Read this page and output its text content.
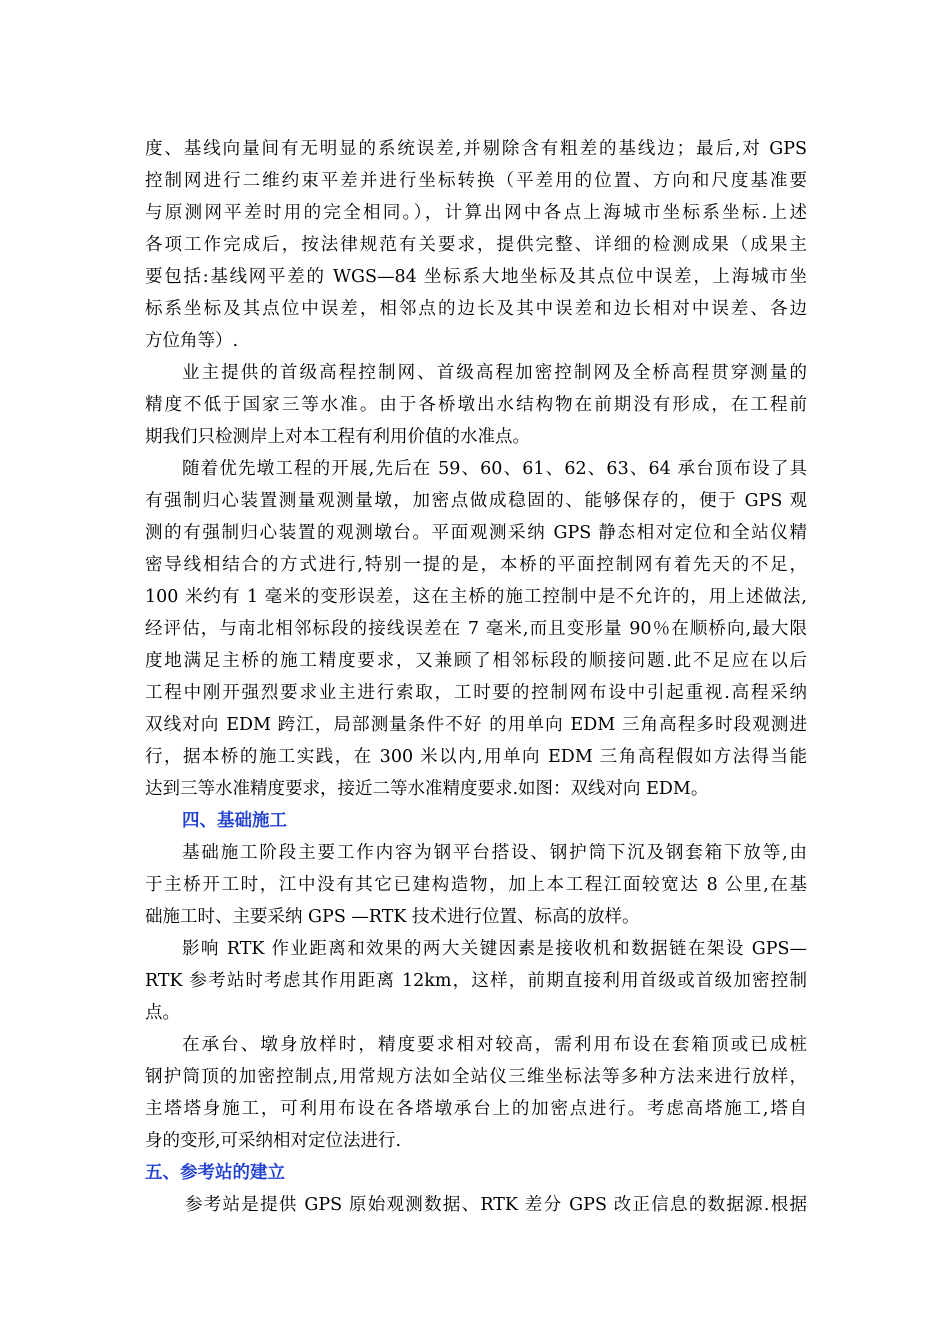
度、基线向量间有无明显的系统误差,并剔除含有粗差的基线边；最后,对 GPS
控制网进行二维约束平差并进行坐标转换（平差用的位置、方向和尺度基准要
与原测网平差时用的完全相同。），计算出网中各点上海城市坐标系坐标.上述
各项工作完成后，按法律规范有关要求，提供完整、详细的检测成果（成果主
要包括:基线网平差的 WGS—84 坐标系大地坐标及其点位中误差，上海城市坐
标系坐标及其点位中误差，相邻点的边长及其中误差和边长相对中误差、各边
方位角等）.
业主提供的首级高程控制网、首级高程加密控制网及全桥高程贯穿测量的
精度不低于国家三等水准。由于各桥墩出水结构物在前期没有形成，在工程前
期我们只检测岸上对本工程有利用价值的水准点。
随着优先墩工程的开展,先后在 59、60、61、62、63、64 承台顶布设了具
有强制归心装置测量观测量墩，加密点做成稳固的、能够保存的，便于 GPS 观
测的有强制归心装置的观测墩台。平面观测采纳 GPS 静态相对定位和全站仪精
密导线相结合的方式进行,特别一提的是，本桥的平面控制网有着先天的不足，
100 米约有 1 毫米的变形误差，这在主桥的施工控制中是不允许的，用上述做法,
经评估，与南北相邻标段的接线误差在 7 毫米,而且变形量 90％在顺桥向,最大限
度地满足主桥的施工精度要求，又兼顾了相邻标段的顺接问题.此不足应在以后
工程中刚开强烈要求业主进行索取，工时要的控制网布设中引起重视.高程采纳
双线对向 EDM 跨江，局部测量条件不好 的用单向 EDM 三角高程多时段观测进
行，据本桥的施工实践，在 300 米以内,用单向 EDM 三角高程假如方法得当能
达到三等水准精度要求，接近二等水准精度要求.如图：双线对向 EDM。
四、基础施工
基础施工阶段主要工作内容为钢平台搭设、钢护筒下沉及钢套箱下放等,由
于主桥开工时，江中没有其它已建构造物，加上本工程江面较宽达 8 公里,在基
础施工时、主要采纳 GPS —RTK 技术进行位置、标高的放样。
影响 RTK 作业距离和效果的两大关键因素是接收机和数据链在架设 GPS—
RTK 参考站时考虑其作用距离 12km，这样，前期直接利用首级或首级加密控制
点。
在承台、墩身放样时，精度要求相对较高，需利用布设在套箱顶或已成桩
钢护筒顶的加密控制点,用常规方法如全站仪三维坐标法等多种方法来进行放样，
主塔塔身施工，可利用布设在各塔墩承台上的加密点进行。考虑高塔施工,塔自
身的变形,可采纳相对定位法进行.
五、参考站的建立
参考站是提供 GPS 原始观测数据、RTK 差分 GPS 改正信息的数据源.根据
